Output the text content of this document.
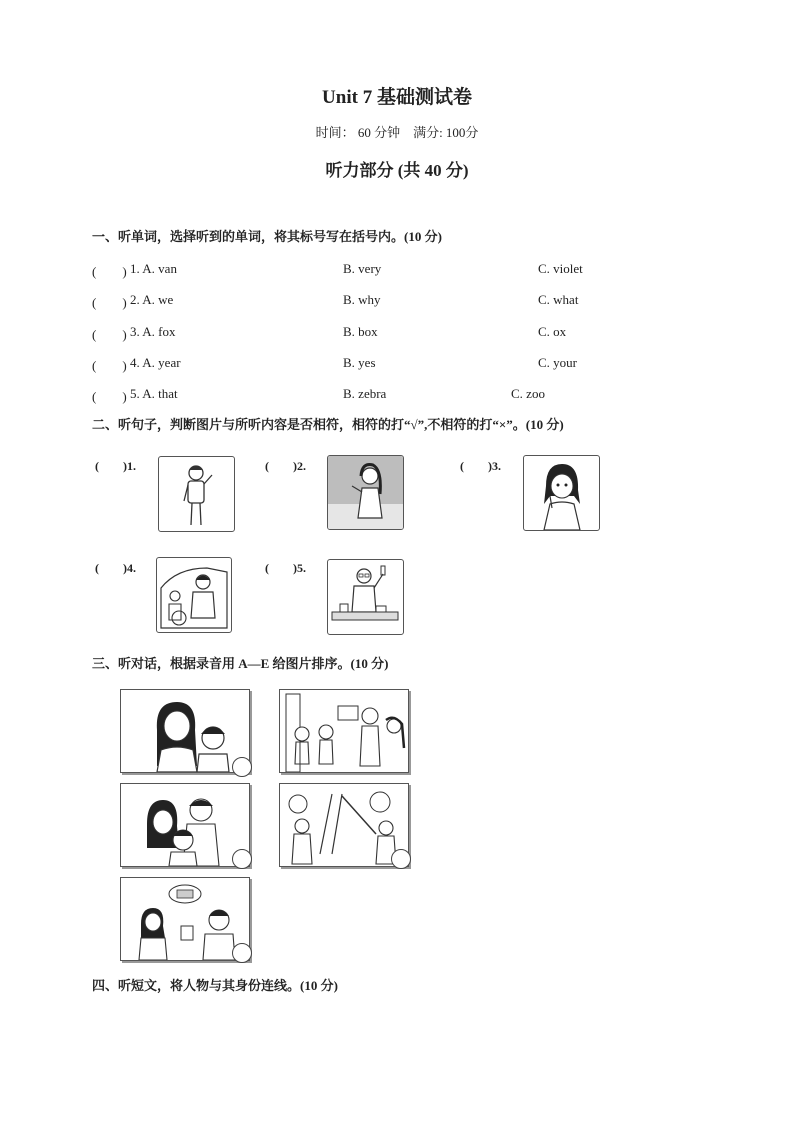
Unit 7 基础测试卷
时间： 60 分钟　满分: 100分
听力部分 (共 40 分)
一、听单词，选择听到的单词，将其标号写在括号内。(10 分)
(　　) 1. A. van	B. very	C. violet
(　　) 2. A. we	B. why	C. what
(　　) 3. A. fox	B. box	C. ox
(　　) 4. A. year	B. yes	C. your
(　　) 5. A. that	B. zebra	C. zoo
二、听句子，判断图片与所听内容是否相符，相符的打“√”,不相符的打“×”。(10 分)
(　　)1.	(　　)2.	(　　)3.
(　　)4.	(　　)5.
三、听对话，根据录音用 A—E 给图片排序。(10 分)
四、听短文，将人物与其身份连线。(10 分)
